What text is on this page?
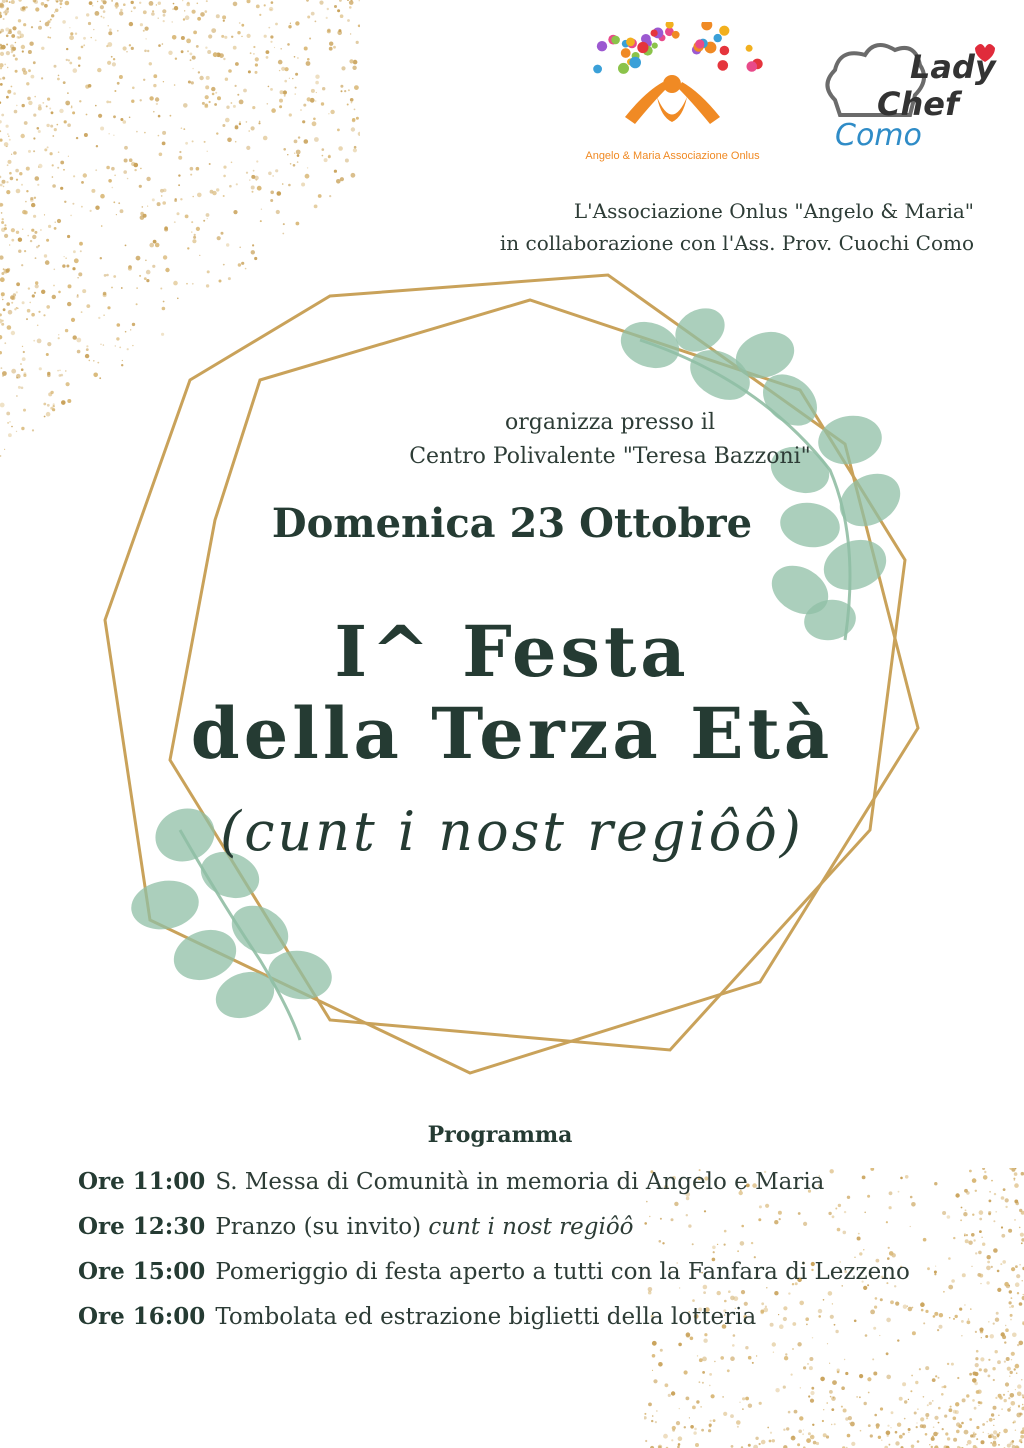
Angelo & Maria Associazione Onlus
Lady
Chef
Como
L'Associazione Onlus "Angelo & Maria"
in collaborazione con l'Ass. Prov. Cuochi Como
organizza presso il
Centro Polivalente "Teresa Bazzoni"
Domenica 23 Ottobre
I^ Festa
della Terza Età
(cunt i nost regiôô)
Programma
Ore 11:00 S. Messa di Comunità in memoria di Angelo e Maria
Ore 12:30 Pranzo (su invito) cunt i nost regiôô
Ore 15:00 Pomeriggio di festa aperto a tutti con la Fanfara di Lezzeno
Ore 16:00 Tombolata ed estrazione biglietti della lotteria
